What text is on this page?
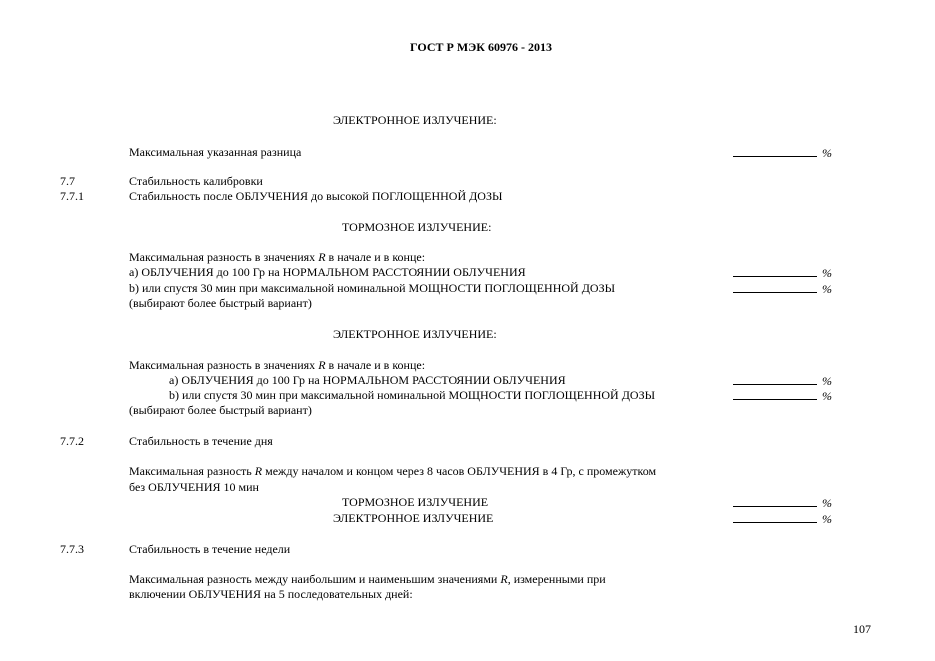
ГОСТ Р МЭК 60976 - 2013
ЭЛЕКТРОННОЕ ИЗЛУЧЕНИЕ:
Максимальная указанная разница	%
7.7	Стабильность калибровки
7.7.1	Стабильность после ОБЛУЧЕНИЯ до высокой ПОГЛОЩЕННОЙ ДОЗЫ
ТОРМОЗНОЕ ИЗЛУЧЕНИЕ:
Максимальная разность в значениях R в начале и в конце:
a) ОБЛУЧЕНИЯ до 100 Гр на НОРМАЛЬНОМ РАССТОЯНИИ ОБЛУЧЕНИЯ	%
b) или спустя 30 мин при максимальной номинальной МОЩНОСТИ ПОГЛОЩЕННОЙ ДОЗЫ	%
(выбирают более быстрый вариант)
ЭЛЕКТРОННОЕ ИЗЛУЧЕНИЕ:
Максимальная разность в значениях R в начале и в конце:
а) ОБЛУЧЕНИЯ до 100 Гр на НОРМАЛЬНОМ РАССТОЯНИИ ОБЛУЧЕНИЯ	%
b) или спустя 30 мин при максимальной номинальной МОЩНОСТИ ПОГЛОЩЕННОЙ ДОЗЫ	%
(выбирают более быстрый вариант)
7.7.2	Стабильность в течение дня
Максимальная разность R между началом и концом через 8 часов ОБЛУЧЕНИЯ в 4 Гр, с промежутком
без ОБЛУЧЕНИЯ 10 мин
ТОРМОЗНОЕ ИЗЛУЧЕНИЕ	%
ЭЛЕКТРОННОЕ ИЗЛУЧЕНИЕ	%
7.7.3	Стабильность в течение недели
Максимальная разность между наибольшим и наименьшим значениями R, измеренными при
включении ОБЛУЧЕНИЯ на 5 последовательных дней:
107
